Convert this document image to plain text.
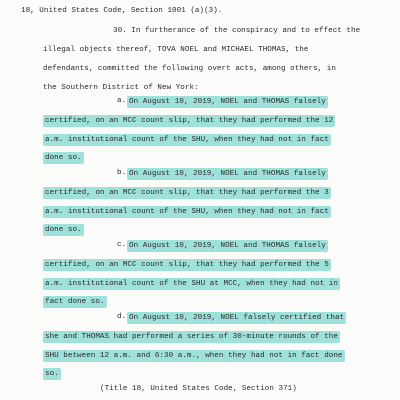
18, United States Code, Section 1001 (a)(3).
30. In furtherance of the conspiracy and to effect the
illegal objects thereof, TOVA NOEL and MICHAEL THOMAS, the
defendants, committed the following overt acts, among others, in
the Southern District of New York:
a. On August 10, 2019, NOEL and THOMAS falsely
certified, on an MCC count slip, that they had performed the 12
a.m. institutional count of the SHU, when they had not in fact
done so.
b. On August 10, 2019, NOEL and THOMAS falsely
certified, on an MCC count slip, that they had performed the 3
a.m. institutional count of the SHU, when they had not in fact
done so.
c. On August 10, 2019, NOEL and THOMAS falsely
certified, on an MCC count slip, that they had performed the 5
a.m. institutional count of the SHU at MCC, when they had not in
fact done so.
d. On August 10, 2019, NOEL falsely certified that
she and THOMAS had performed a series of 30-minute rounds of the
SHU between 12 a.m. and 6:30 a.m., when they had not in fact done
so.
(Title 18, United States Code, Section 371)
